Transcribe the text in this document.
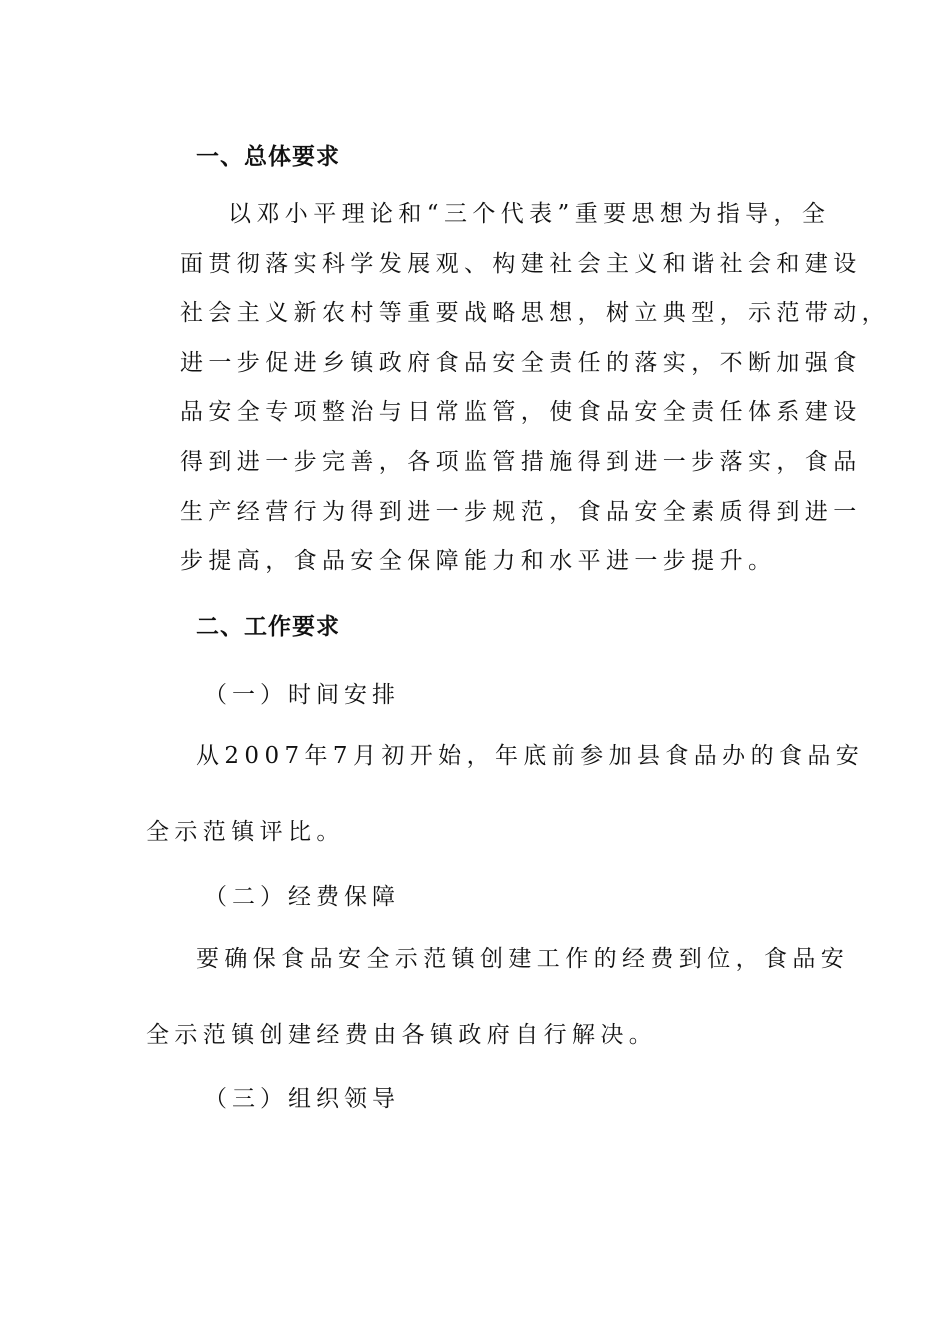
一、总体要求
以邓小平理论和“三个代表”重要思想为指导，全
面贯彻落实科学发展观、构建社会主义和谐社会和建设
社会主义新农村等重要战略思想，树立典型，示范带动，
进一步促进乡镇政府食品安全责任的落实，不断加强食
品安全专项整治与日常监管，使食品安全责任体系建设
得到进一步完善，各项监管措施得到进一步落实，食品
生产经营行为得到进一步规范，食品安全素质得到进一
步提高，食品安全保障能力和水平进一步提升。
二、工作要求
（一）时间安排
从2007年7月初开始，年底前参加县食品办的食品安
全示范镇评比。
（二）经费保障
要确保食品安全示范镇创建工作的经费到位，食品安
全示范镇创建经费由各镇政府自行解决。
（三）组织领导
